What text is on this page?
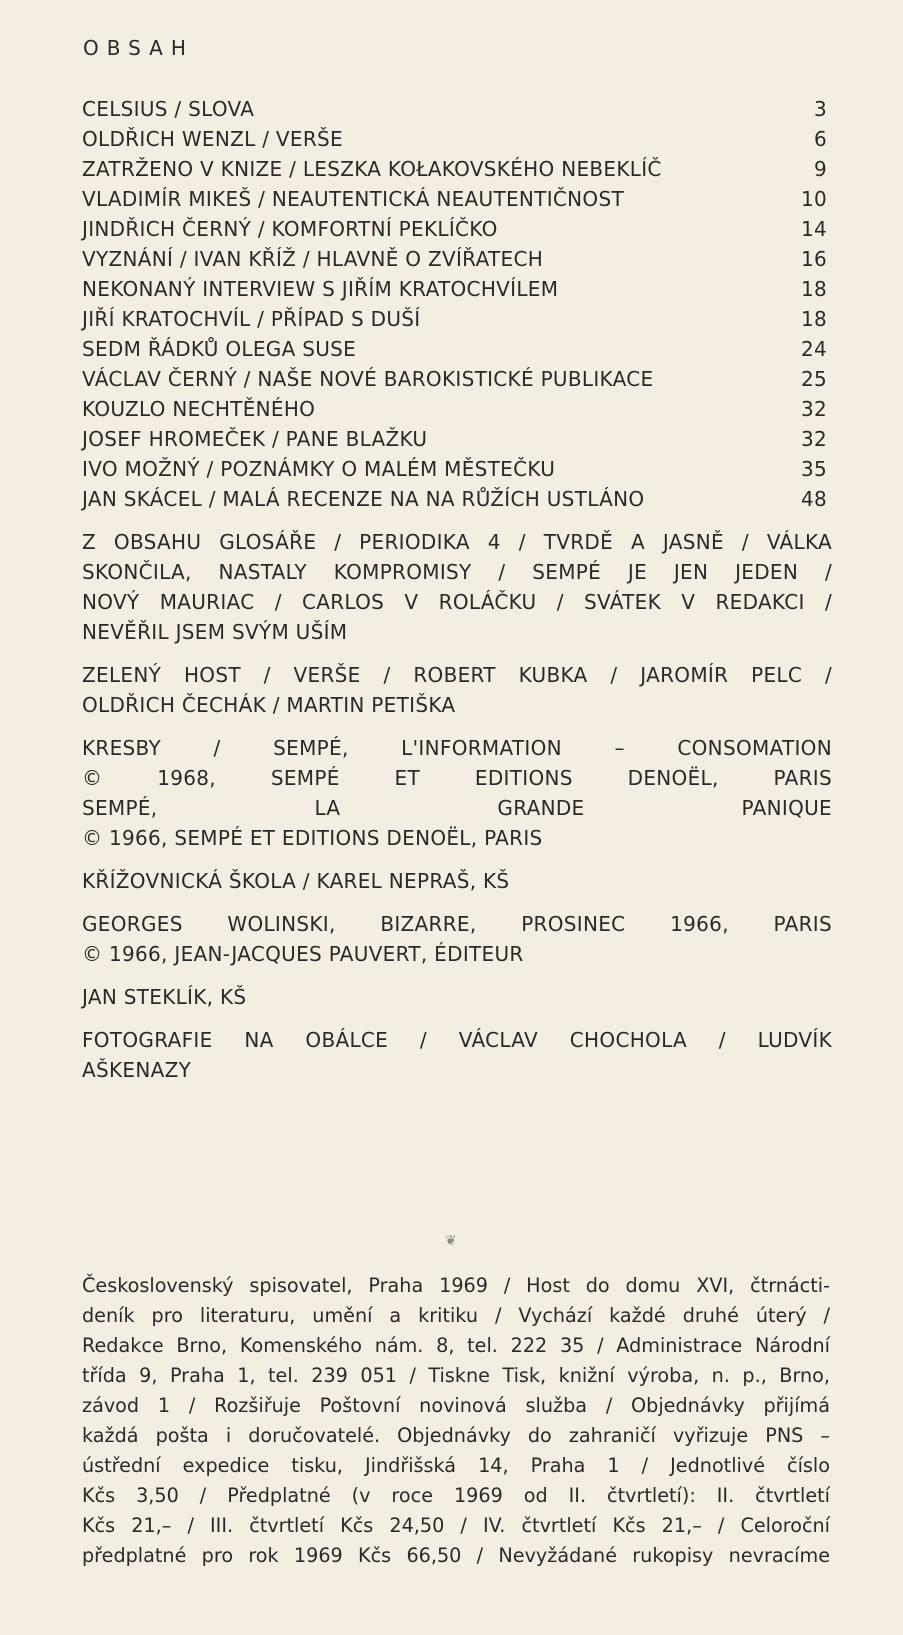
❦
OBSAH
CELSIUS / SLOVA	3
OLDŘICH WENZL / VERŠE	6
ZATRŽENO V KNIZE / LESZKA KOŁAKOVSKÉHO NEBEKLÍČ	9
VLADIMÍR MIKEŠ / NEAUTENTICKÁ NEAUTENTIČNOST	10
JINDŘICH ČERNÝ / KOMFORTNÍ PEKLÍČKO	14
VYZNÁNÍ / IVAN KŘÍŽ / HLAVNĚ O ZVÍŘATECH	16
NEKONANÝ INTERVIEW S JIŘÍM KRATOCHVÍLEM	18
JIŘÍ KRATOCHVÍL / PŘÍPAD S DUŠÍ	18
SEDM ŘÁDKŮ OLEGA SUSE	24
VÁCLAV ČERNÝ / NAŠE NOVÉ BAROKISTICKÉ PUBLIKACE	25
KOUZLO NECHTĚNÉHO	32
JOSEF HROMEČEK / PANE BLAŽKU	32
IVO MOŽNÝ / POZNÁMKY O MALÉM MĚSTEČKU	35
JAN SKÁCEL / MALÁ RECENZE NA NA RŮŽÍCH USTLÁNO	48
Z OBSAHU GLOSÁŘE / PERIODIKA 4 / TVRDĚ A JASNĚ / VÁLKA
SKONČILA, NASTALY KOMPROMISY / SEMPÉ JE JEN JEDEN /
NOVÝ MAURIAC / CARLOS V ROLÁČKU / SVÁTEK V REDAKCI /
NEVĚŘIL JSEM SVÝM UŠÍM
ZELENÝ HOST / VERŠE / ROBERT KUBKA / JAROMÍR PELC /
OLDŘICH ČECHÁK / MARTIN PETIŠKA
KRESBY / SEMPÉ, L'INFORMATION – CONSOMATION
© 1968, SEMPÉ ET EDITIONS DENOËL, PARIS
SEMPÉ, LA GRANDE PANIQUE
© 1966, SEMPÉ ET EDITIONS DENOËL, PARIS
KŘÍŽOVNICKÁ ŠKOLA / KAREL NEPRAŠ, KŠ
GEORGES WOLINSKI, BIZARRE, PROSINEC 1966, PARIS
© 1966, JEAN-JACQUES PAUVERT, ÉDITEUR
JAN STEKLÍK, KŠ
FOTOGRAFIE NA OBÁLCE / VÁCLAV CHOCHOLA / LUDVÍK
AŠKENAZY
Československý spisovatel, Praha 1969 / Host do domu XVI, čtrnácti-
deník pro literaturu, umění a kritiku / Vychází každé druhé úterý /
Redakce Brno, Komenského nám. 8, tel. 222 35 / Administrace Národní
třída 9, Praha 1, tel. 239 051 / Tiskne Tisk, knižní výroba, n. p., Brno,
závod 1 / Rozšiřuje Poštovní novinová služba / Objednávky přijímá
každá pošta i doručovatelé. Objednávky do zahraničí vyřizuje PNS –
ústřední expedice tisku, Jindřišská 14, Praha 1 / Jednotlivé číslo
Kčs 3,50 / Předplatné (v roce 1969 od II. čtvrtletí): II. čtvrtletí
Kčs 21,– / III. čtvrtletí Kčs 24,50 / IV. čtvrtletí Kčs 21,– / Celoroční
předplatné pro rok 1969 Kčs 66,50 / Nevyžádané rukopisy nevracíme
